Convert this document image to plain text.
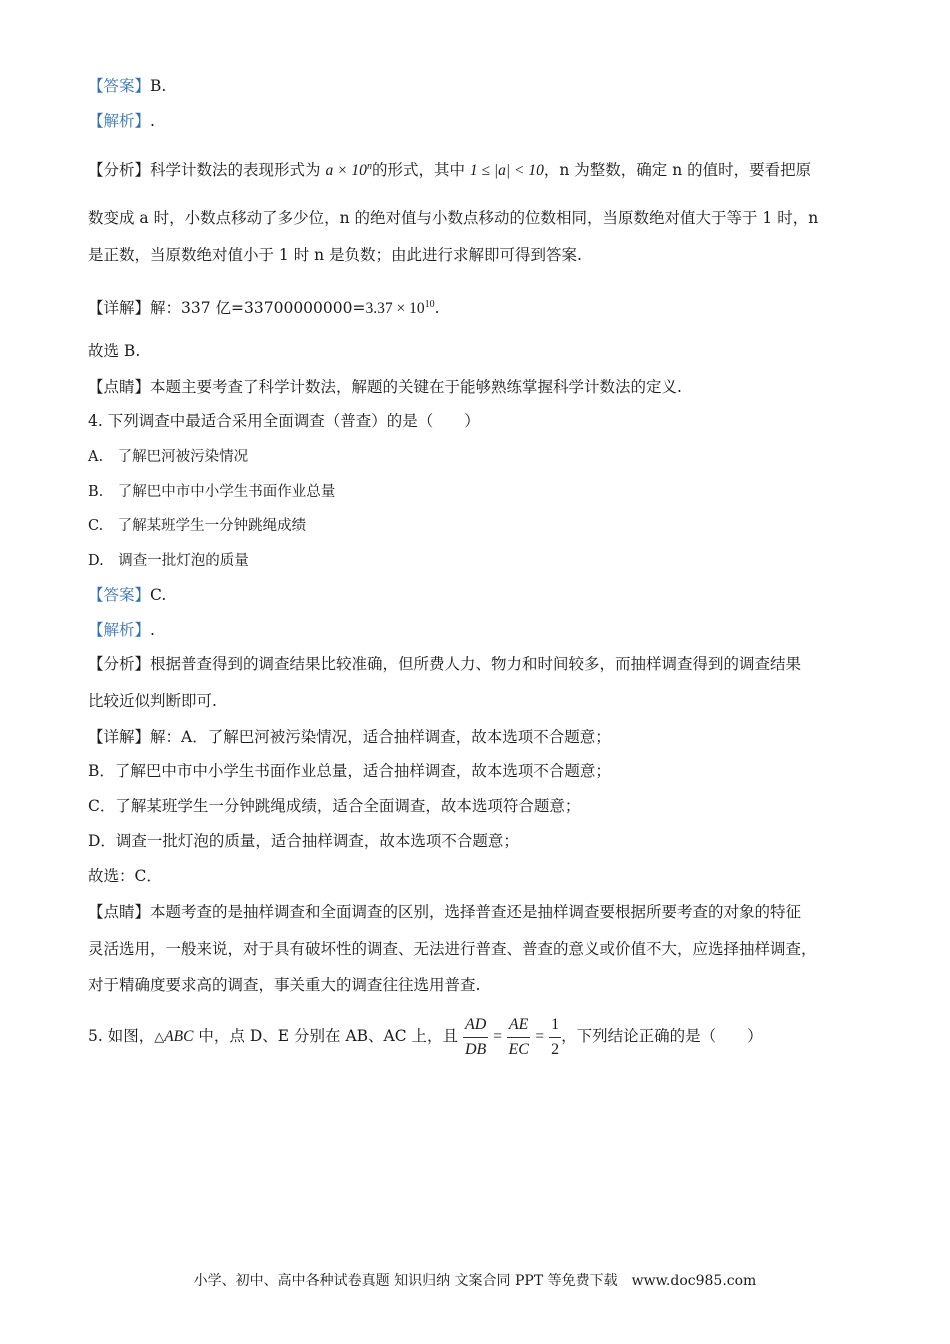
【答案】B.
【解析】.
【分析】科学计数法的表现形式为 $a \times 10^n$的形式，其中 1 ≤ |a| < 10，n 为整数，确定 n 的值时，要看把原
数变成 a 时，小数点移动了多少位，n 的绝对值与小数点移动的位数相同，当原数绝对值大于等于 1 时，n
是正数，当原数绝对值小于 1 时 n 是负数；由此进行求解即可得到答案.
【详解】解：337 亿$=33700000000=3.37 \times 10^{10}$.
故选 B.
【点睛】本题主要考查了科学计数法，解题的关键在于能够熟练掌握科学计数法的定义.
4. 下列调查中最适合采用全面调查（普查）的是（　　）
A.　了解巴河被污染情况
B.　了解巴中市中小学生书面作业总量
C.　了解某班学生一分钟跳绳成绩
D.　调查一批灯泡的质量
【答案】C.
【解析】.
【分析】根据普查得到的调查结果比较准确，但所费人力、物力和时间较多，而抽样调查得到的调查结果
比较近似判断即可.
【详解】解：A．了解巴河被污染情况，适合抽样调查，故本选项不合题意；
B．了解巴中市中小学生书面作业总量，适合抽样调查，故本选项不合题意；
C．了解某班学生一分钟跳绳成绩，适合全面调查，故本选项符合题意；
D．调查一批灯泡的质量，适合抽样调查，故本选项不合题意；
故选：C．
【点睛】本题考查的是抽样调查和全面调查的区别，选择普查还是抽样调查要根据所要考查的对象的特征
灵活选用，一般来说，对于具有破坏性的调查、无法进行普查、普查的意义或价值不大，应选择抽样调查，
对于精确度要求高的调查，事关重大的调查往往选用普查.
5. 如图，△ABC 中，点 D、E 分别在 AB、AC 上，且 $\frac{AD}{DB} = \frac{AE}{EC} = \frac{1}{2}$ ，下列结论正确的是（　　）
小学、初中、高中各种试卷真题 知识归纳 文案合同 PPT 等免费下载　www.doc985.com
